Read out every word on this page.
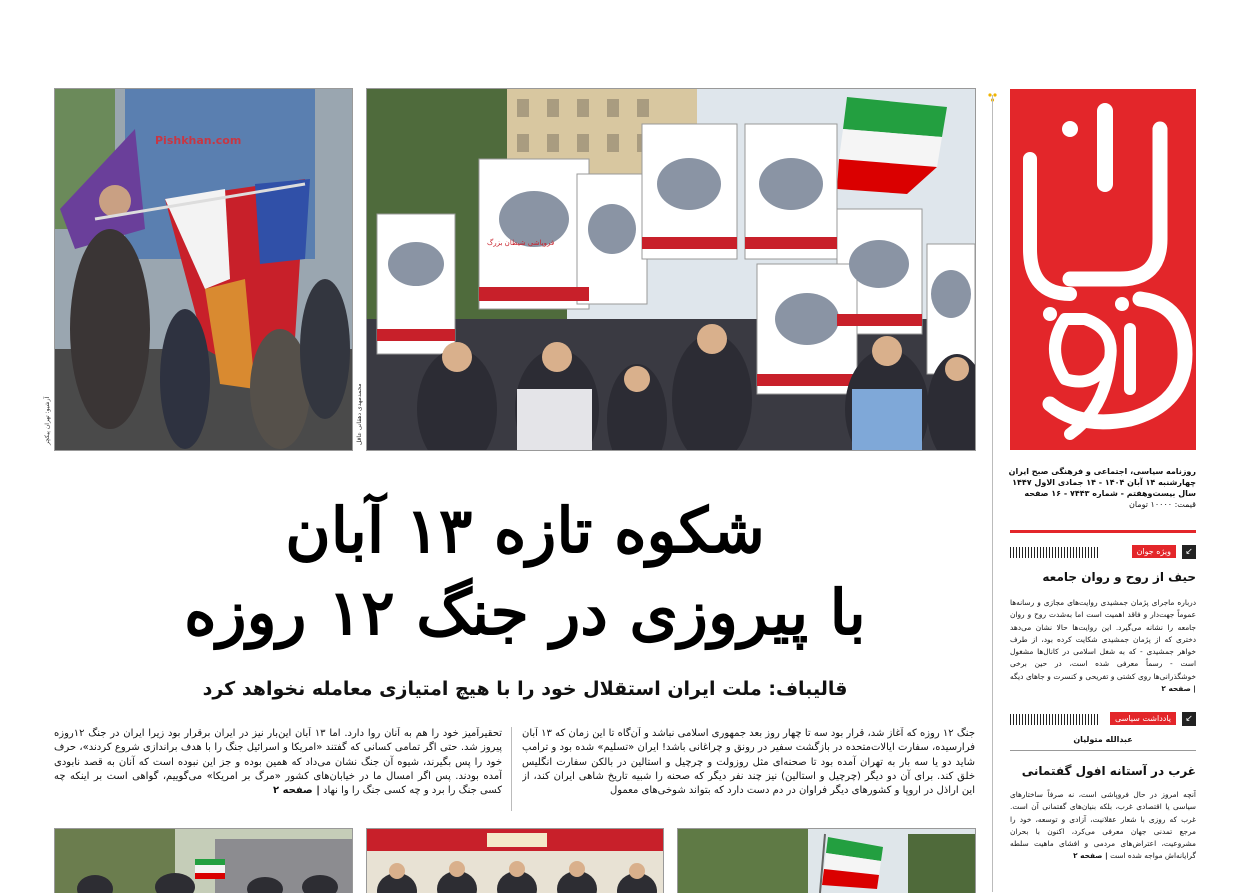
روزنامه سیاسی، اجتماعی و فرهنگی صبح ایران
چهارشنبه ۱۴ آبان ۱۴۰۴ - ۱۴ جمادی الاول ۱۴۴۷
سال بیست‌وهفتم - شماره ۷۴۴۳ - ۱۶ صفحه
قیمت: ۱۰۰۰۰ تومان
ویژه جوان	↙
حیف از روح و روان جامعه
درباره ماجرای پژمان جمشیدی روایت‌های مجازی و رسانه‌ها عموماً جهت‌دار و فاقد اهمیت است اما به‌شدت روح و روان جامعه را نشانه می‌گیرد. این روایت‌ها حالا نشان می‌دهد دختری که از پژمان جمشیدی شکایت کرده بود، از طرف خواهر جمشیدی - که به شغل اسلامی در کانال‌ها مشغول است - رسماً معرفی شده است، در حین برخی خوشگذرانی‌ها روی کشتی و تفریحی و کنسرت و جاهای دیگه | صفحه ۲
یادداشت سیاسی	↙
عبدالله متولیان
غرب در آستانه افول گفتمانی
آنچه امروز در حال فروپاشی است، نه صرفاً ساختارهای سیاسی یا اقتصادی غرب، بلکه بنیان‌های گفتمانی آن است. غرب که روزی با شعار عقلانیت، آزادی و توسعه، خود را مرجع تمدنی جهان معرفی می‌کرد، اکنون با بحران مشروعیت، اعتراض‌های مردمی و افشای ماهیت سلطه گرایانه‌اش مواجه شده است | صفحه ۲
Pishkhan.com
آرشیو: تهران پیکچر
فروپاشی شیطان بزرگ
محمدمهدی دهقانی عاقل
شکوه تازه ۱۳ آبان
با پیروزی در جنگ ۱۲ روزه
قالیباف: ملت ایران استقلال خود را با هیچ امتیازی معامله نخواهد کرد
جنگ ۱۲ روزه که آغاز شد، قرار بود سه تا چهار روز بعد جمهوری اسلامی نباشد و آن‌گاه تا این زمان که ۱۳ آبان فرارسیده، سفارت ایالات‌متحده در بازگشت سفیر در رونق و چراغانی باشد! ایران «تسلیم» شده بود و ترامپ شاید دو یا سه بار به تهران آمده بود تا صحنه‌ای مثل روزولت و چرچیل و استالین در بالکن سفارت انگلیس خلق کند. برای آن دو دیگر (چرچیل و استالین) نیز چند نفر دیگر که صحنه را شبیه تاریخ شاهی ایران کند، از این اراذل در اروپا و کشورهای دیگر فراوان در دم دست دارد که بتواند شوخی‌های معمول
تحقیرآمیز خود را هم به آنان روا دارد. اما ۱۳ آبان این‌بار نیز در ایران برقرار بود زیرا ایران در جنگ ۱۲روزه پیروز شد. حتی اگر تمامی کسانی که گفتند «امریکا و اسرائیل جنگ را با هدف براندازی شروع کردند»، حرف خود را پس بگیرند، شیوه آن جنگ نشان می‌داد که همین بوده و جز این نبوده است که آنان به قصد نابودی آمده بودند. پس اگر امسال ما در خیابان‌های کشور «مرگ بر امریکا» می‌گوییم، گواهی است بر اینکه چه کسی جنگ را برد و چه کسی جنگ را وا نهاد | صفحه ۲
